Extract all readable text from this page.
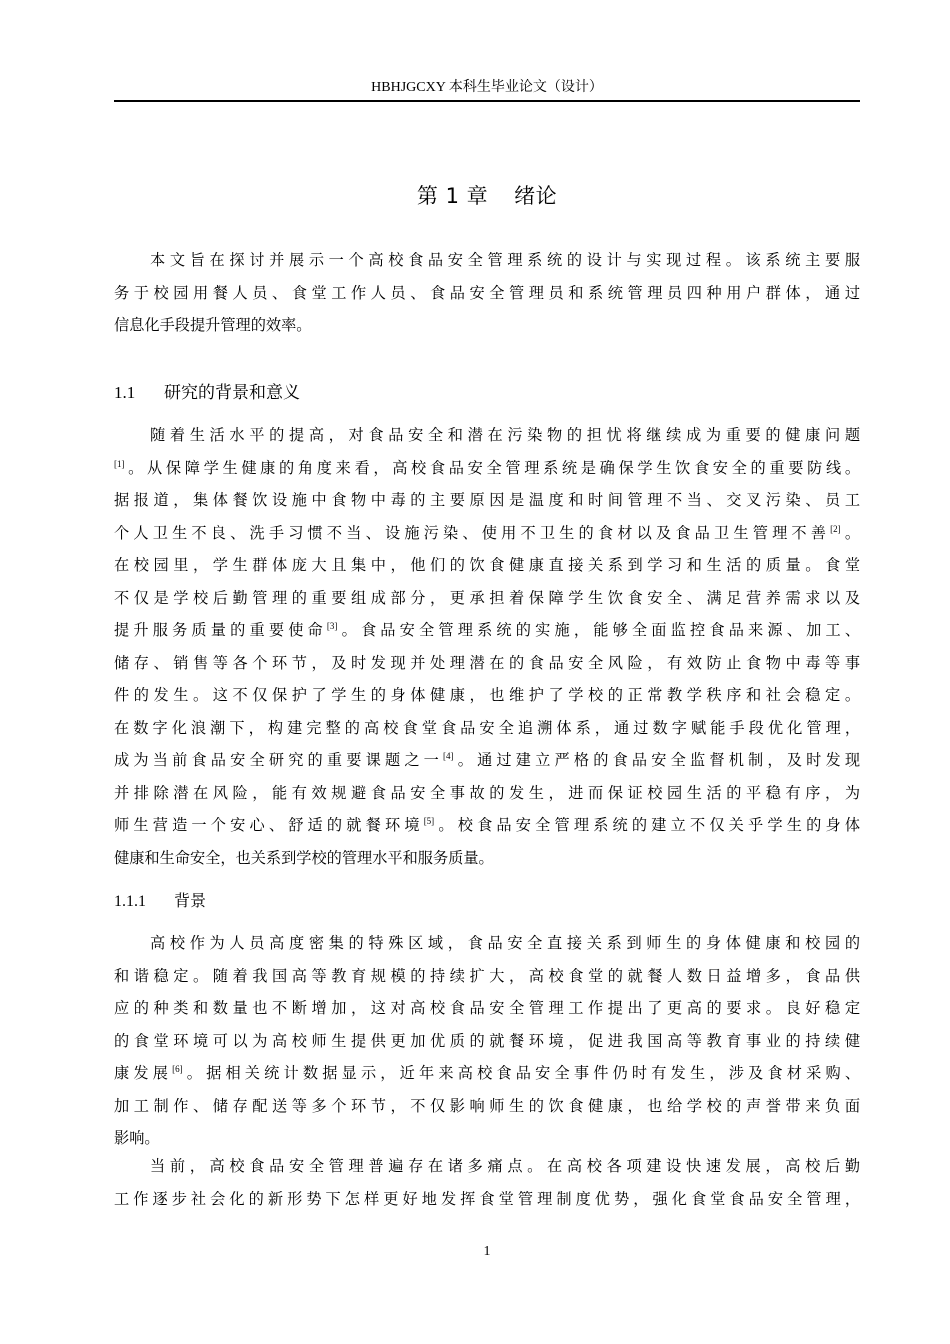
HBHJGCXY 本科生毕业论文（设计）
第 1 章 绪论
本文旨在探讨并展示一个高校食品安全管理系统的设计与实现过程。该系统主要服
务于校园用餐人员、食堂工作人员、食品安全管理员和系统管理员四种用户群体，通过
信息化手段提升管理的效率。
1.1 研究的背景和意义
随着生活水平的提高，对食品安全和潜在污染物的担忧将继续成为重要的健康问题
[1]。从保障学生健康的角度来看，高校食品安全管理系统是确保学生饮食安全的重要防线。
据报道，集体餐饮设施中食物中毒的主要原因是温度和时间管理不当、交叉污染、员工
个人卫生不良、洗手习惯不当、设施污染、使用不卫生的食材以及食品卫生管理不善[2]。
在校园里，学生群体庞大且集中，他们的饮食健康直接关系到学习和生活的质量。食堂
不仅是学校后勤管理的重要组成部分，更承担着保障学生饮食安全、满足营养需求以及
提升服务质量的重要使命[3]。食品安全管理系统的实施，能够全面监控食品来源、加工、
储存、销售等各个环节，及时发现并处理潜在的食品安全风险，有效防止食物中毒等事
件的发生。这不仅保护了学生的身体健康，也维护了学校的正常教学秩序和社会稳定。
在数字化浪潮下，构建完整的高校食堂食品安全追溯体系，通过数字赋能手段优化管理，
成为当前食品安全研究的重要课题之一[4]。通过建立严格的食品安全监督机制，及时发现
并排除潜在风险，能有效规避食品安全事故的发生，进而保证校园生活的平稳有序，为
师生营造一个安心、舒适的就餐环境[5]。校食品安全管理系统的建立不仅关乎学生的身体
健康和生命安全，也关系到学校的管理水平和服务质量。
1.1.1 背景
高校作为人员高度密集的特殊区域，食品安全直接关系到师生的身体健康和校园的
和谐稳定。随着我国高等教育规模的持续扩大，高校食堂的就餐人数日益增多，食品供
应的种类和数量也不断增加，这对高校食品安全管理工作提出了更高的要求。良好稳定
的食堂环境可以为高校师生提供更加优质的就餐环境，促进我国高等教育事业的持续健
康发展[6]。据相关统计数据显示，近年来高校食品安全事件仍时有发生，涉及食材采购、
加工制作、储存配送等多个环节，不仅影响师生的饮食健康，也给学校的声誉带来负面
影响。
当前，高校食品安全管理普遍存在诸多痛点。在高校各项建设快速发展，高校后勤
工作逐步社会化的新形势下怎样更好地发挥食堂管理制度优势，强化食堂食品安全管理，
1
